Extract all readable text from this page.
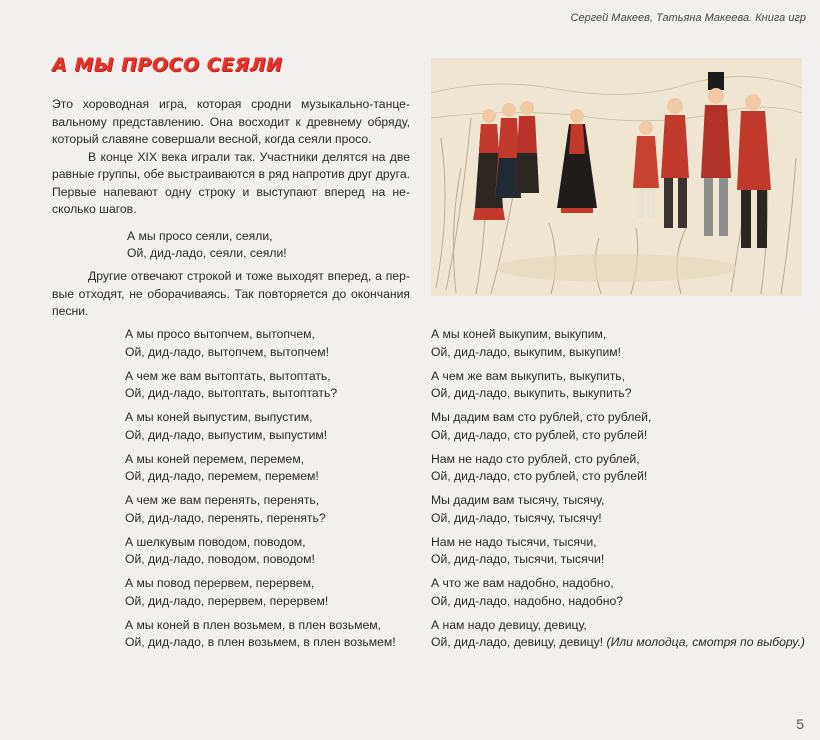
Сергей Макеев, Татьяна Макеева. Книга игр
А МЫ ПРОСО СЕЯЛИ

Это хороводная игра, которая сродни музыкально-танцевальному представлению. Она восходит к древнему обряду, который славяне совершали весной, когда сеяли просо.

В конце XIX века играли так. Участники делятся на две равные группы, обе выстраиваются в ряд напротив друг друга. Первые напевают одну строку и выступают вперед на несколько шагов.

А мы просо сеяли, сеяли,
Ой, дид-ладо, сеяли, сеяли!

Другие отвечают строкой и тоже выходят вперед, а первые отходят, не оборачиваясь. Так повторяется до окончания песни.

А мы просо вытопчем, вытопчем,
Ой, дид-ладо, вытопчем, вытопчем!
А чем же вам вытоптать, вытоптать,
Ой, дид-ладо, вытоптать, вытоптать?
А мы коней выпустим, выпустим,
Ой, дид-ладо, выпустим, выпустим!
А мы коней перемем, перемем,
Ой, дид-ладо, перемем, перемем!
А чем же вам перенять, перенять,
Ой, дид-ладо, перенять, перенять?
А шелкувым поводом, поводом,
Ой, дид-ладо, поводом, поводом!
А мы повод перервем, перервем,
Ой, дид-ладо, перервем, перервем!
А мы коней в плен возьмем, в плен возьмем,
Ой, дид-ладо, в плен возьмем, в плен возьмем!
А мы коней выкупим, выкупим,
Ой, дид-ладо, выкупим, выкупим!
А чем же вам выкупить, выкупить,
Ой, дид-ладо, выкупить, выкупить?
Мы дадим вам сто рублей, сто рублей,
Ой, дид-ладо, сто рублей, сто рублей!
Нам не надо сто рублей, сто рублей,
Ой, дид-ладо, сто рублей, сто рублей!
Мы дадим вам тысячу, тысячу,
Ой, дид-ладо, тысячу, тысячу!
Нам не надо тысячи, тысячи,
Ой, дид-ладо, тысячи, тысячи!
А что же вам надобно, надобно,
Ой, дид-ладо, надобно, надобно?
А нам надо девицу, девицу,
Ой, дид-ладо, девицу, девицу! (Или молодца, смотря по выбору.)
5
